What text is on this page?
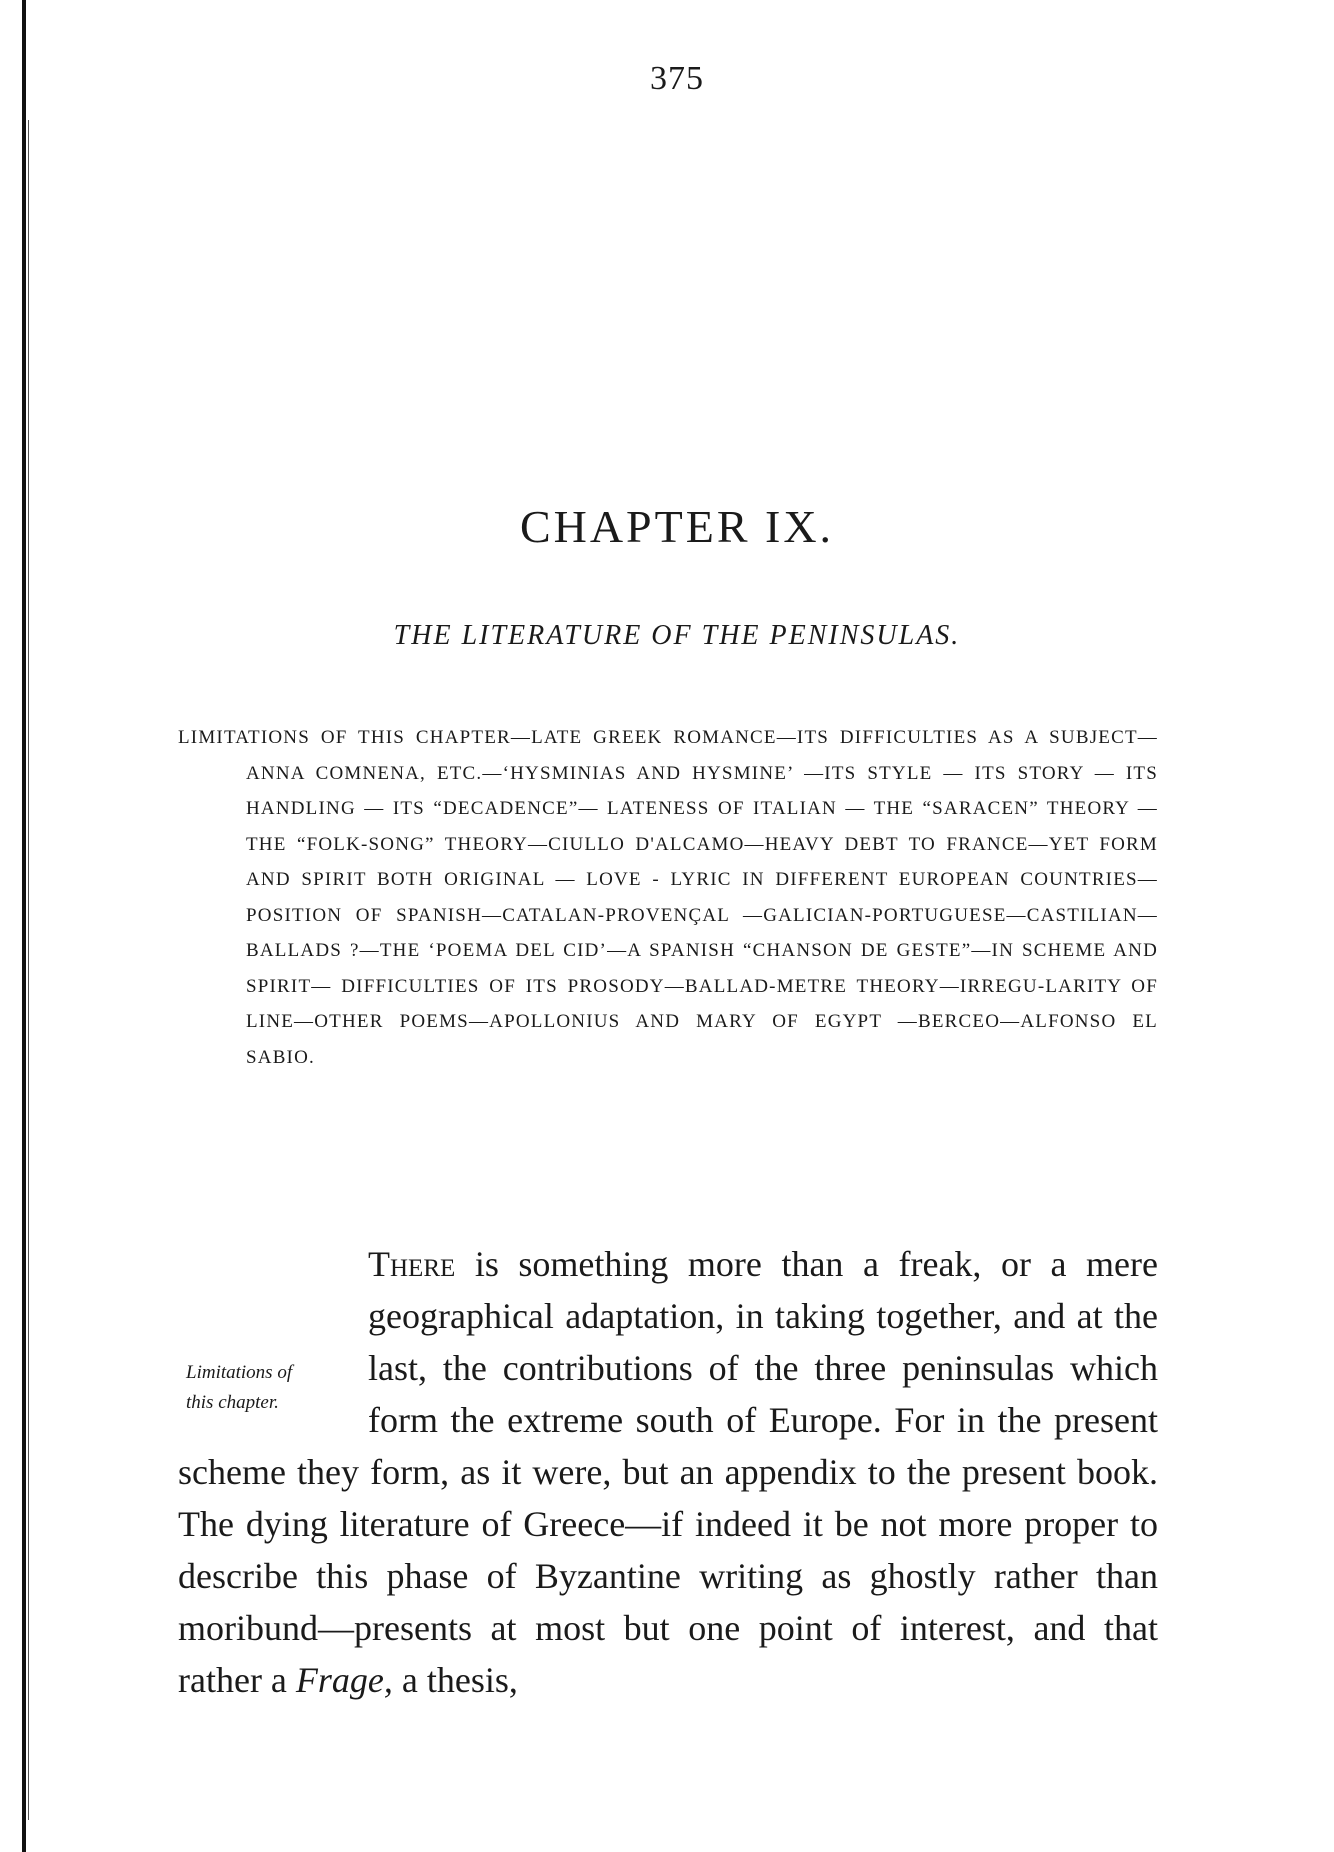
375
CHAPTER IX.
THE LITERATURE OF THE PENINSULAS.
LIMITATIONS OF THIS CHAPTER—LATE GREEK ROMANCE—ITS DIFFICULTIES AS A SUBJECT—ANNA COMNENA, ETC.—‘HYSMINIAS AND HYSMINE’ —ITS STYLE — ITS STORY — ITS HANDLING — ITS “DECADENCE”— LATENESS OF ITALIAN — THE “SARACEN” THEORY — THE “FOLK-SONG” THEORY—CIULLO D'ALCAMO—HEAVY DEBT TO FRANCE—YET FORM AND SPIRIT BOTH ORIGINAL — LOVE - LYRIC IN DIFFERENT EUROPEAN COUNTRIES—POSITION OF SPANISH—CATALAN-PROVENÇAL —GALICIAN-PORTUGUESE—CASTILIAN—BALLADS ?—THE ‘POEMA DEL CID’—A SPANISH “CHANSON DE GESTE”—IN SCHEME AND SPIRIT— DIFFICULTIES OF ITS PROSODY—BALLAD-METRE THEORY—IRREGU-LARITY OF LINE—OTHER POEMS—APOLLONIUS AND MARY OF EGYPT —BERCEO—ALFONSO EL SABIO.
Limitations of
this chapter.
There is something more than a freak, or a mere geographical adaptation, in taking together, and at the last, the contributions of the three peninsulas which form the extreme south of Europe. For in the present scheme they form, as it were, but an appendix to the present book. The dying literature of Greece—if indeed it be not more proper to describe this phase of Byzantine writing as ghostly rather than moribund—presents at most but one point of interest, and that rather a Frage, a thesis,
